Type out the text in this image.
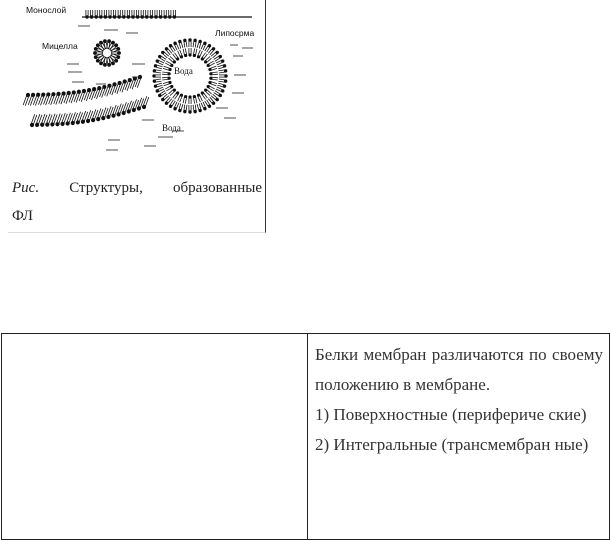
Монослой
Мицелла
Липосрма
Вода
Вода
Рис. Структуры, образованные
ФЛ

Белки мембран различаются по своему положению в мембране.

1) Поверхностные (перифериче ские)

2) Интегральные (трансмембран ные)
